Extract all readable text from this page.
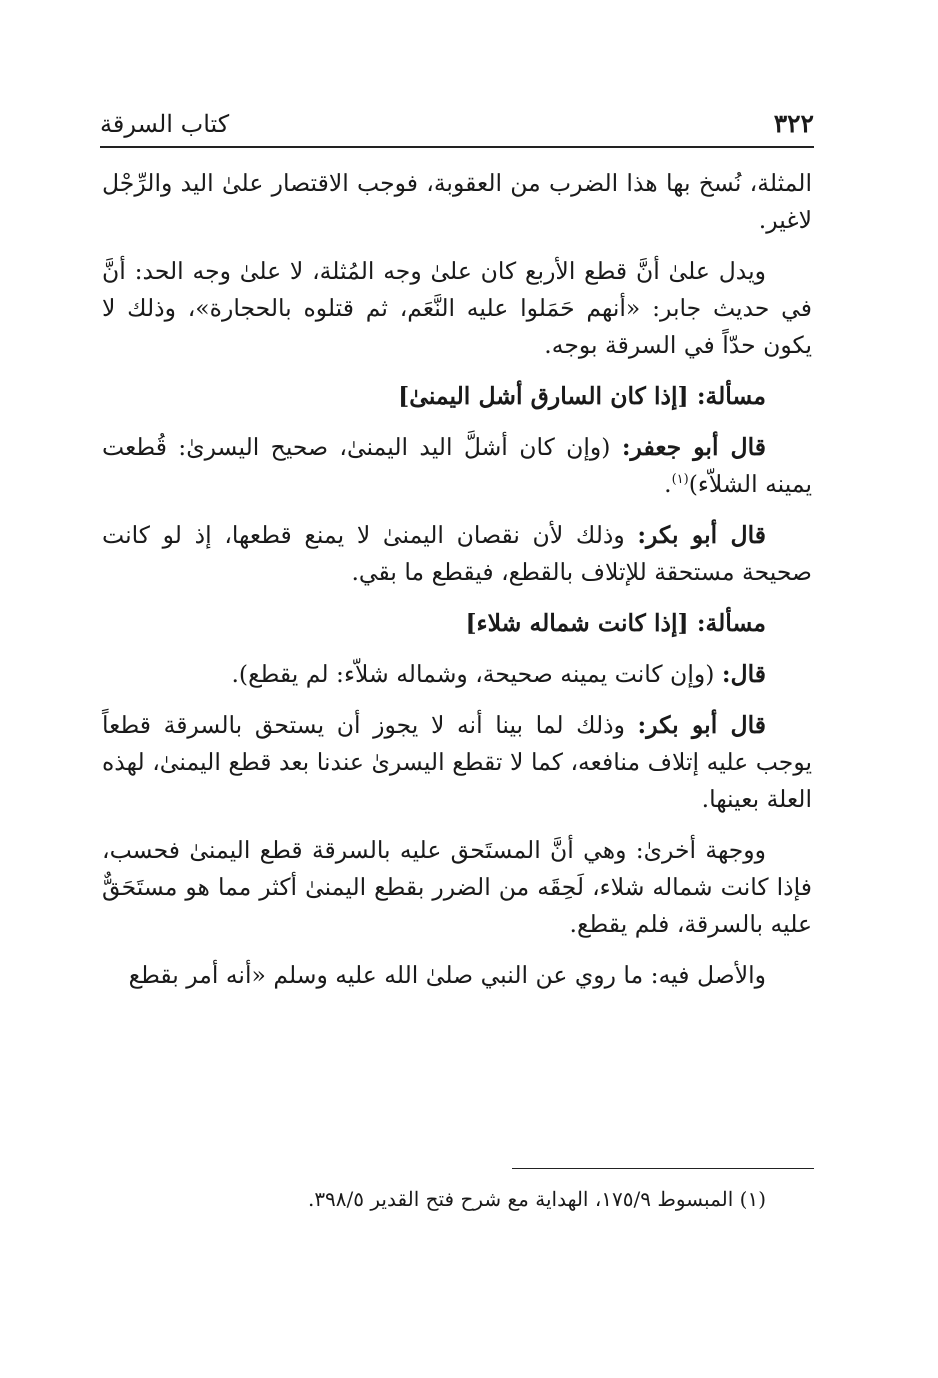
٣٢٢
كتاب السرقة

المثلة، نُسخ بها هذا الضرب من العقوبة، فوجب الاقتصار علىٰ اليد والرِّجْل لاغير.

ويدل علىٰ أنَّ قطع الأربع كان علىٰ وجه المُثلة، لا علىٰ وجه الحد: أنَّ في حديث جابر: «أنهم حَمَلوا عليه النَّعَم، ثم قتلوه بالحجارة»، وذلك لا يكون حدّاً في السرقة بوجه.

مسألة: [إذا كان السارق أشل اليمنىٰ]

قال أبو جعفر: (وإن كان أشلَّ اليد اليمنىٰ، صحيح اليسرىٰ: قُطعت يمينه الشلاّء)$^{(١)}$.

قال أبو بكر: وذلك لأن نقصان اليمنىٰ لا يمنع قطعها، إذ لو كانت صحيحة مستحقة للإتلاف بالقطع، فيقطع ما بقي.

مسألة: [إذا كانت شماله شلاء]

قال: (وإن كانت يمينه صحيحة، وشماله شلاّء: لم يقطع).

قال أبو بكر: وذلك لما بينا أنه لا يجوز أن يستحق بالسرقة قطعاً يوجب عليه إتلاف منافعه، كما لا تقطع اليسرىٰ عندنا بعد قطع اليمنىٰ، لهذه العلة بعينها.

ووجهة أخرىٰ: وهي أنَّ المستَحق عليه بالسرقة قطع اليمنىٰ فحسب، فإذا كانت شماله شلاء، لَحِقَه من الضرر بقطع اليمنىٰ أكثر مما هو مستَحَقٌّ عليه بالسرقة، فلم يقطع.

والأصل فيه: ما روي عن النبي صلىٰ الله عليه وسلم «أنه أمر بقطع

(١) المبسوط ١٧٥/٩، الهداية مع شرح فتح القدير ٣٩٨/٥.
